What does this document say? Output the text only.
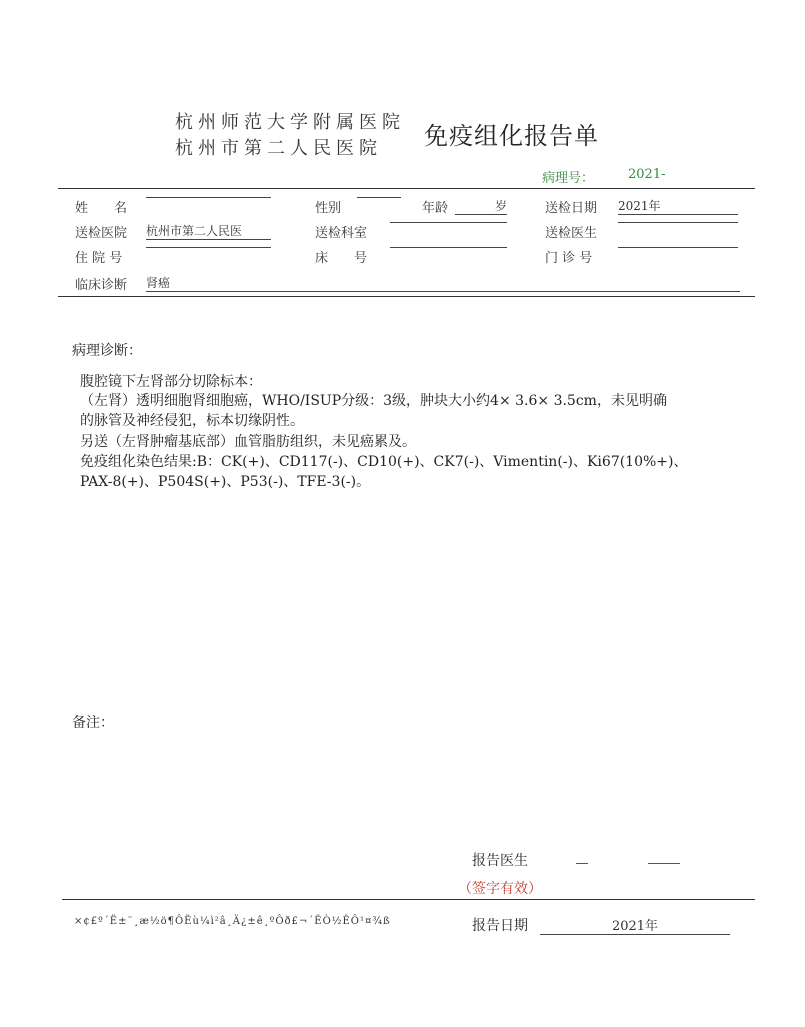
杭州师范大学附属医院
杭州市第二人民医院 免疫组化报告单
病理号：	2021-
姓　　名	性别	年龄	岁	送检日期 2021年
送检医院 杭州市第二人民医	送检科室	送检医生
住 院 号	床　　号	门 诊 号
临床诊断 肾癌
病理诊断：
腹腔镜下左肾部分切除标本：
（左肾）透明细胞肾细胞癌，WHO/ISUP分级：3级，肿块大小约4× 3.6× 3.5cm，未见明确
的脉管及神经侵犯，标本切缘阴性。
另送（左肾肿瘤基底部）血管脂肪组织，未见癌累及。
免疫组化染色结果:B：CK(+)、CD117(-)、CD10(+)、CK7(-)、Vimentin(-)、Ki67(10%+)、
PAX-8(+)、P504S(+)、P53(-)、TFE-3(-)。
备注：
报告医生
（签字有效）
×¢£º´Ë±¨¸æ½ö¶ÔËù¼ì²â¸Ä¿±ê¸ºÔð£¬´ËÒ½ÊÔ¹¤¾ß	报告日期	2021年
